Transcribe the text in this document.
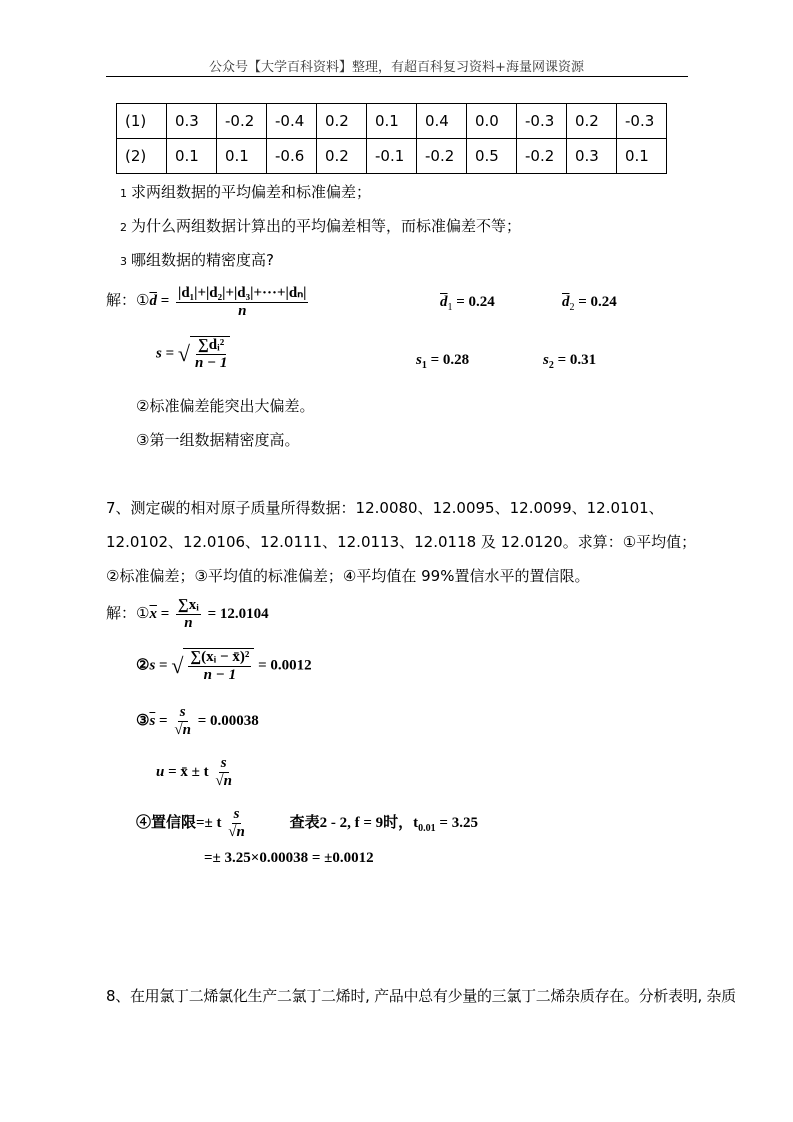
公众号【大学百科资料】整理，有超百科复习资料+海量网课资源
(1)	0.3	-0.2	-0.4	0.2	0.1	0.4	0.0	-0.3	0.2	-0.3
(2)	0.1	0.1	-0.6	0.2	-0.1	-0.2	0.5	-0.2	0.3	0.1
1 求两组数据的平均偏差和标准偏差；
2 为什么两组数据计算出的平均偏差相等，而标准偏差不等；
3 哪组数据的精密度高?
解：$①\overline{d} = \frac{\text{|d₁|+|d₂|+|d₃|+···+|dₙ|}}{n}$	$\overline{d}_1 = 0.24$	$\overline{d}_2 = 0.24$
s = √ $\frac{\text{∑dᵢ²}}{n - 1}$	$s_1 = 0.28$	$s_2 = 0.31$
②标准偏差能突出大偏差。
③第一组数据精密度高。
7、测定碳的相对原子质量所得数据：12.0080、12.0095、12.0099、12.0101、
12.0102、12.0106、12.0111、12.0113、12.0118 及 12.0120。求算：①平均值；
②标准偏差；③平均值的标准偏差；④平均值在 99%置信水平的置信限。
解：$①\overline{x} = \frac{\text{∑xᵢ}}{n} = 12.0104$
②s = √ $\frac{\text{∑(xᵢ − x̄)²}}{n - 1} = 0.0012$
$③\overline{s} = \frac{s}{√n} = 0.00038$
u = x̄ ± t $\frac{s}{√n}$
④置信限=± t $\frac{s}{√n}$	查表2 - 2, f = 9时，$t_{0.01} = 3.25$
=± 3.25×0.00038 = ±0.0012
8、在用氯丁二烯氯化生产二氯丁二烯时, 产品中总有少量的三氯丁二烯杂质存在。分析表明, 杂质
